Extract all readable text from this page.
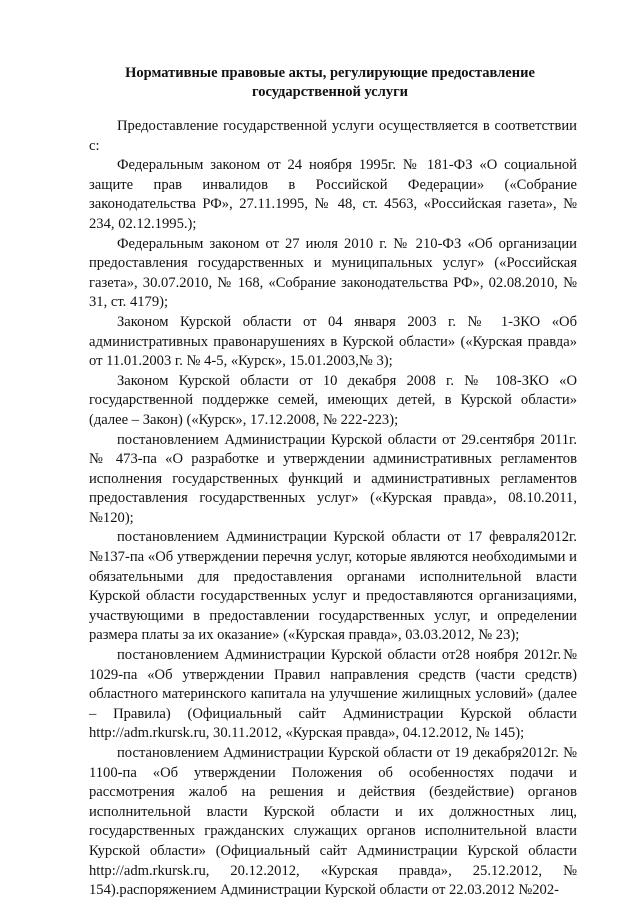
Нормативные правовые акты, регулирующие предоставление
государственной услуги

Предоставление государственной услуги осуществляется в соответствии с:

Федеральным законом от 24 ноября 1995г. № 181-ФЗ «О социальной защите прав инвалидов в Российской Федерации» («Собрание законодательства РФ», 27.11.1995, № 48, ст. 4563, «Российская газета», № 234, 02.12.1995.);

Федеральным законом от 27 июля 2010 г. № 210-ФЗ «Об организации предоставления государственных и муниципальных услуг» («Российская газета», 30.07.2010, № 168, «Собрание законодательства РФ», 02.08.2010, № 31, ст. 4179);

Законом Курской области от 04 января 2003 г. № 1-ЗКО «Об административных правонарушениях в Курской области» («Курская правда» от 11.01.2003 г. № 4-5, «Курск», 15.01.2003,№ 3);

Законом Курской области от 10 декабря 2008 г. № 108-ЗКО «О государственной поддержке семей, имеющих детей, в Курской области» (далее – Закон) («Курск», 17.12.2008, № 222-223);

постановлением Администрации Курской области от 29.сентября 2011г. № 473-па «О разработке и утверждении административных регламентов исполнения государственных функций и административных регламентов предоставления государственных услуг» («Курская правда», 08.10.2011, №120);

постановлением Администрации Курской области от 17 февраля2012г. №137-па «Об утверждении перечня услуг, которые являются необходимыми и обязательными для предоставления органами исполнительной власти Курской области государственных услуг и предоставляются организациями, участвующими в предоставлении государственных услуг, и определении размера платы за их оказание» («Курская правда», 03.03.2012, № 23);

постановлением Администрации Курской области от28 ноября 2012г.№ 1029-па «Об утверждении Правил направления средств (части средств) областного материнского капитала на улучшение жилищных условий» (далее – Правила) (Официальный сайт Администрации Курской области http://adm.rkursk.ru, 30.11.2012, «Курская правда», 04.12.2012, № 145);

постановлением Администрации Курской области от 19 декабря2012г. № 1100-па «Об утверждении Положения об особенностях подачи и рассмотрения жалоб на решения и действия (бездействие) органов исполнительной власти Курской области и их должностных лиц, государственных гражданских служащих органов исполнительной власти Курской области» (Официальный сайт Администрации Курской области http://adm.rkursk.ru, 20.12.2012, «Курская правда», 25.12.2012, № 154).распоряжением Администрации Курской области от 22.03.2012 №202-
